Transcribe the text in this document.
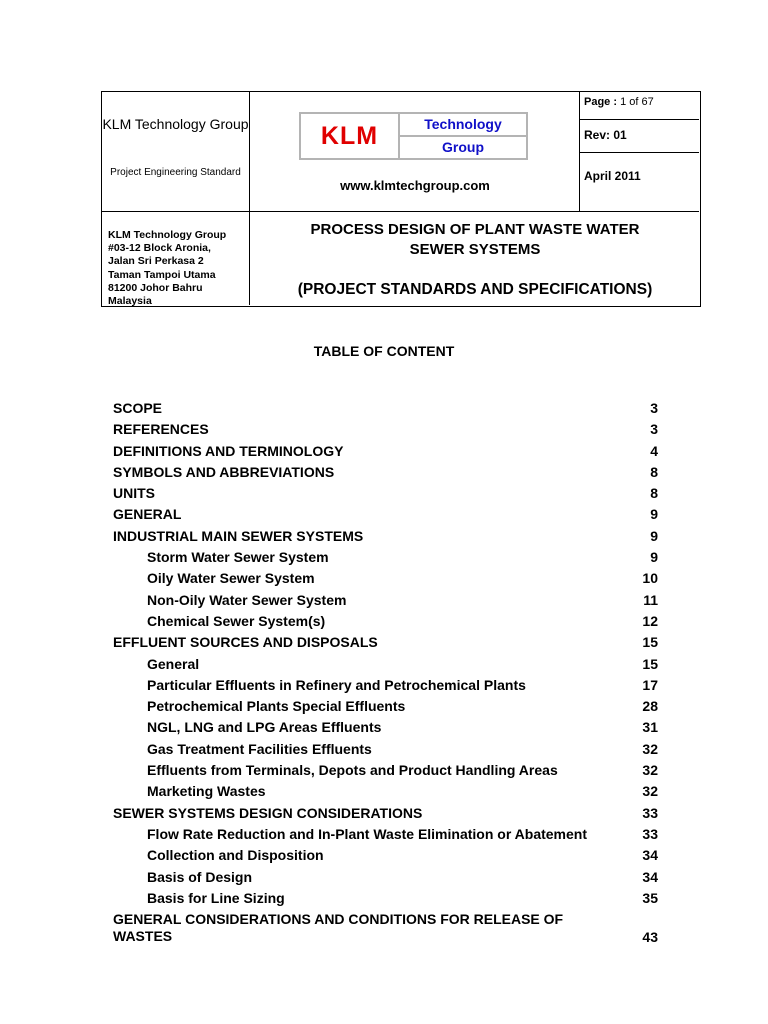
KLM Technology Group
Project Engineering Standard
KLM	Technology
Group
www.klmtechgroup.com
Page : 1 of 67
Rev: 01
April 2011
KLM Technology Group
#03-12 Block Aronia,
Jalan Sri Perkasa 2
Taman Tampoi Utama
81200 Johor Bahru
Malaysia
PROCESS DESIGN OF PLANT WASTE WATER
SEWER SYSTEMS
(PROJECT STANDARDS AND SPECIFICATIONS)
TABLE OF CONTENT
SCOPE	3
REFERENCES	3
DEFINITIONS AND TERMINOLOGY	4
SYMBOLS AND ABBREVIATIONS	8
UNITS	8
GENERAL	9
INDUSTRIAL MAIN SEWER SYSTEMS	9
Storm Water Sewer System	9
Oily Water Sewer System	10
Non-Oily Water Sewer System	11
Chemical Sewer System(s)	12
EFFLUENT SOURCES AND DISPOSALS	15
General	15
Particular Effluents in Refinery and Petrochemical Plants	17
Petrochemical Plants Special Effluents	28
NGL, LNG and LPG Areas Effluents	31
Gas Treatment Facilities Effluents	32
Effluents from Terminals, Depots and Product Handling Areas	32
Marketing Wastes	32
SEWER SYSTEMS DESIGN CONSIDERATIONS	33
Flow Rate Reduction and In-Plant Waste Elimination or Abatement	33
Collection and Disposition	34
Basis of Design	34
Basis for Line Sizing	35
GENERAL CONSIDERATIONS AND CONDITIONS FOR RELEASE OF WASTES	43
